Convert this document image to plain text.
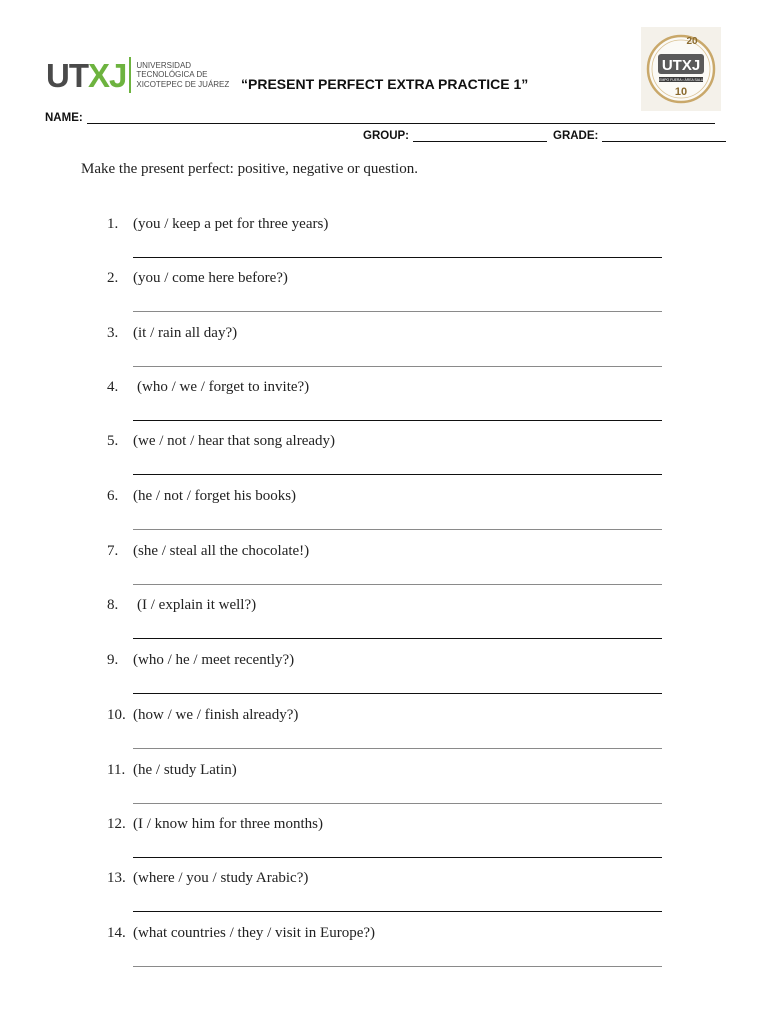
UTXJ UNIVERSIDAD
TECNOLÓGICA DE
XICOTEPEC DE JUÁREZ “PRESENT PERFECT EXTRA PRACTICE 1”
20
UTXJ
TIEMPO FUERA • ÁREA SALUD
10
NAME:
GROUP:	GRADE:
Make the present perfect: positive, negative or question.
1. (you / keep a pet for three years)
2. (you / come here before?)
3. (it / rain all day?)
4. (who / we / forget to invite?)
5. (we / not / hear that song already)
6. (he / not / forget his books)
7. (she / steal all the chocolate!)
8. (I / explain it well?)
9. (who / he / meet recently?)
10. (how / we / finish already?)
11. (he / study Latin)
12. (I / know him for three months)
13. (where / you / study Arabic?)
14. (what countries / they / visit in Europe?)
